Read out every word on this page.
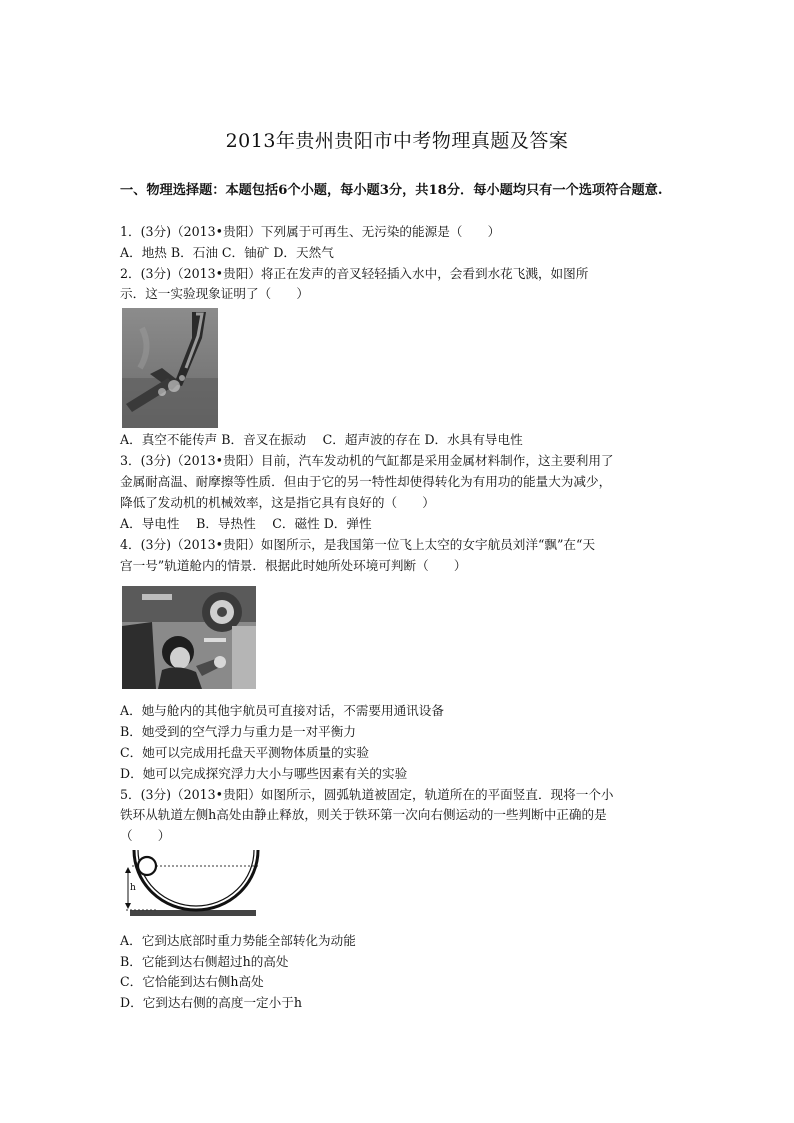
2013年贵州贵阳市中考物理真题及答案
一、物理选择题：本题包括6个小题，每小题3分，共18分．每小题均只有一个选项符合题意.
1．(3分)（2013•贵阳）下列属于可再生、无污染的能源是（　　）
A．地热 B．石油 C．铀矿 D．天然气
2．(3分)（2013•贵阳）将正在发声的音叉轻轻插入水中，会看到水花飞溅，如图所
示．这一实验现象证明了（　　）
A．真空不能传声 B．音叉在振动　 C．超声波的存在 D．水具有导电性
3．(3分)（2013•贵阳）目前，汽车发动机的气缸都是采用金属材料制作，这主要利用了
金属耐高温、耐摩擦等性质．但由于它的另一特性却使得转化为有用功的能量大为减少，
降低了发动机的机械效率，这是指它具有良好的（　　）
A．导电性　 B．导热性　 C．磁性 D．弹性
4．(3分)（2013•贵阳）如图所示，是我国第一位飞上太空的女宇航员刘洋“飘”在“天
宫一号”轨道舱内的情景．根据此时她所处环境可判断（　　）
A．她与舱内的其他宇航员可直接对话，不需要用通讯设备
B．她受到的空气浮力与重力是一对平衡力
C．她可以完成用托盘天平测物体质量的实验
D．她可以完成探究浮力大小与哪些因素有关的实验
5．(3分)（2013•贵阳）如图所示，圆弧轨道被固定，轨道所在的平面竖直．现将一个小
铁环从轨道左侧h高处由静止释放，则关于铁环第一次向右侧运动的一些判断中正确的是
（　　）
h
A．它到达底部时重力势能全部转化为动能
B．它能到达右侧超过h的高处
C．它恰能到达右侧h高处
D．它到达右侧的高度一定小于h
